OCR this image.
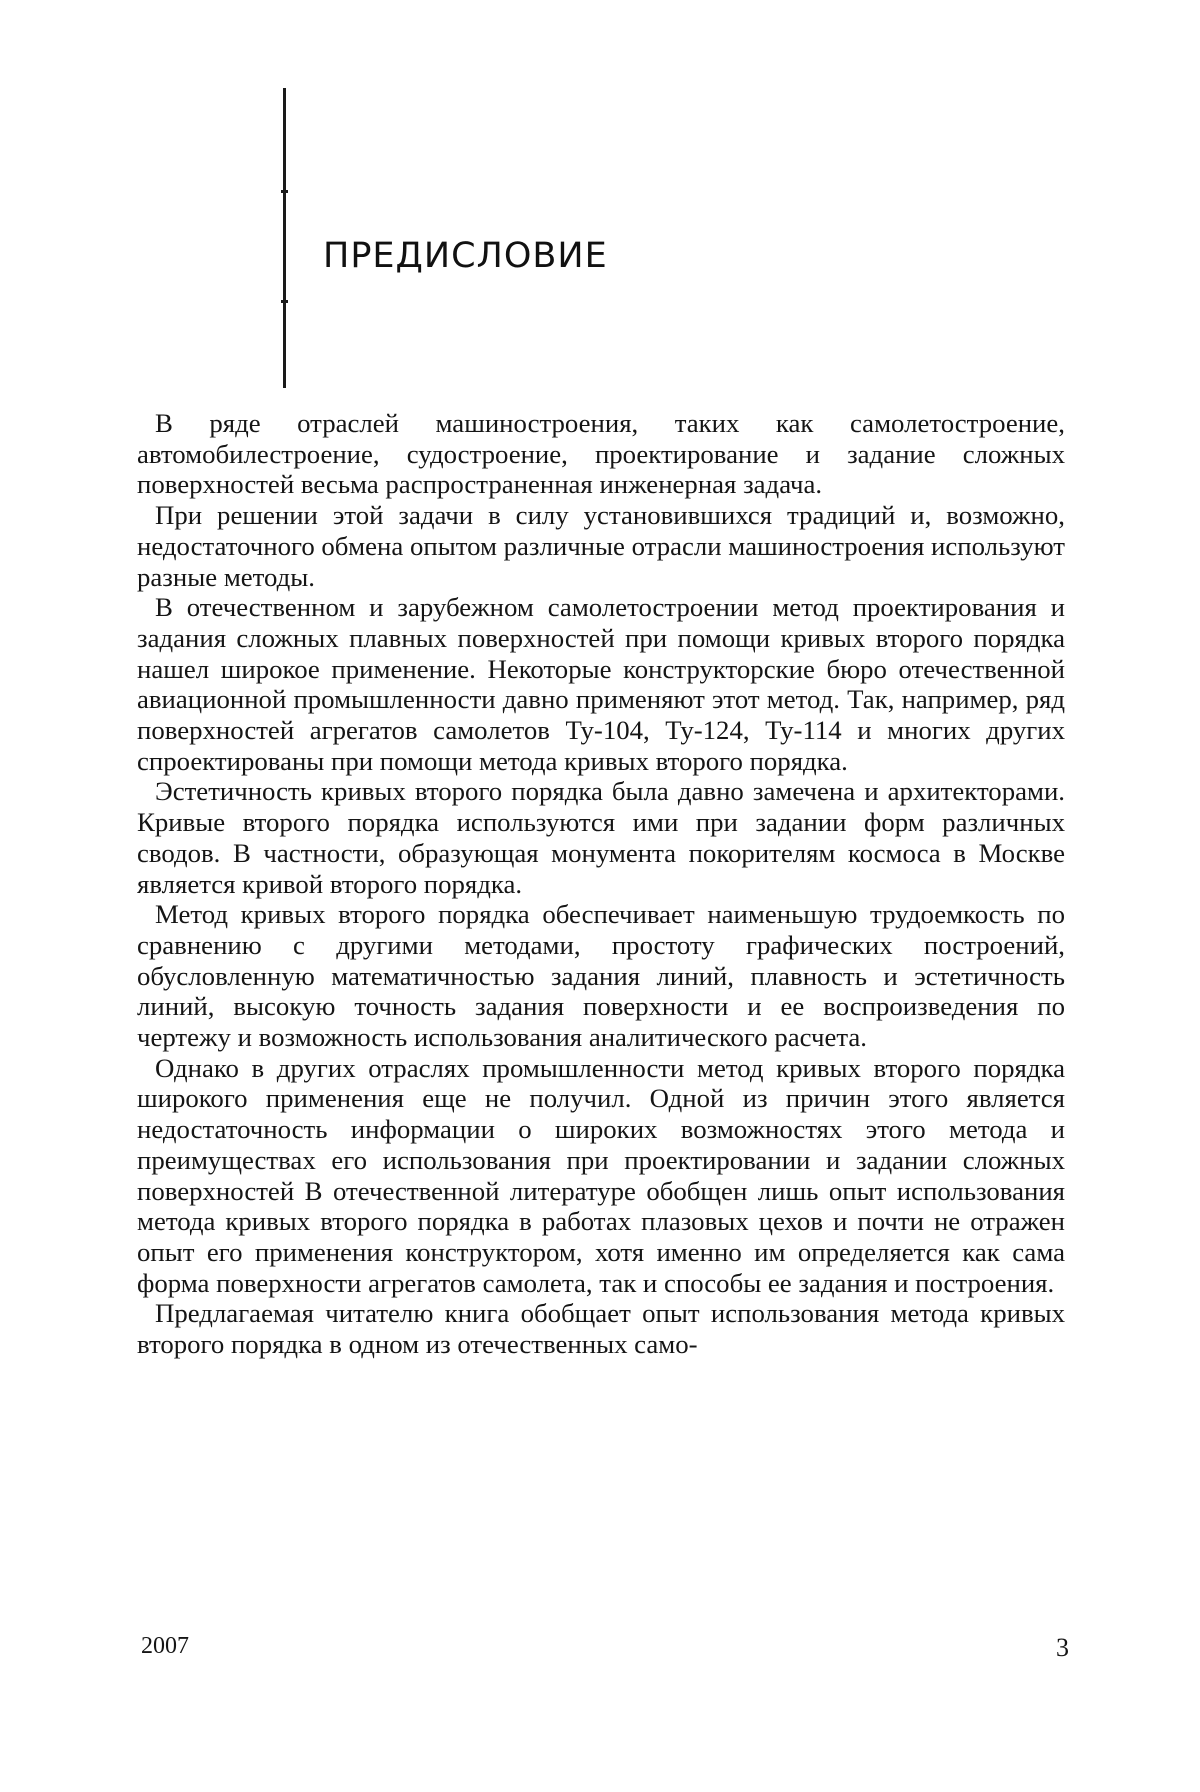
ПРЕДИСЛОВИЕ

В ряде отраслей машиностроения, таких как самолетостроение, автомобилестроение, судостроение, проектирование и задание сложных поверхностей весьма распространенная инженерная задача.

При решении этой задачи в силу установившихся традиций и, возможно, недостаточного обмена опытом различные отрасли машиностроения используют разные методы.

В отечественном и зарубежном самолетостроении метод проектирования и задания сложных плавных поверхностей при помощи кривых второго порядка нашел широкое применение. Некоторые конструкторские бюро отечественной авиационной промышленности давно применяют этот метод. Так, например, ряд поверхностей агрегатов самолетов Ту-104, Ту-124, Ту-114 и многих других спроектированы при помощи метода кривых второго порядка.

Эстетичность кривых второго порядка была давно замечена и архитекторами. Кривые второго порядка используются ими при задании форм различных сводов. В частности, образующая монумента покорителям космоса в Москве является кривой второго порядка.

Метод кривых второго порядка обеспечивает наименьшую трудоемкость по сравнению с другими методами, простоту графических построений, обусловленную математичностью задания линий, плавность и эстетичность линий, высокую точность задания поверхности и ее воспроизведения по чертежу и возможность использования аналитического расчета.

Однако в других отраслях промышленности метод кривых второго порядка широкого применения еще не получил. Одной из причин этого является недостаточность информации о широких возможностях этого метода и преимуществах его использования при проектировании и задании сложных поверхностей В отечественной литературе обобщен лишь опыт использования метода кривых второго порядка в работах плазовых цехов и почти не отражен опыт его применения конструктором, хотя именно им определяется как сама форма поверхности агрегатов самолета, так и способы ее задания и построения.

Предлагаемая читателю книга обобщает опыт использования метода кривых второго порядка в одном из отечественных само-

2007	3
